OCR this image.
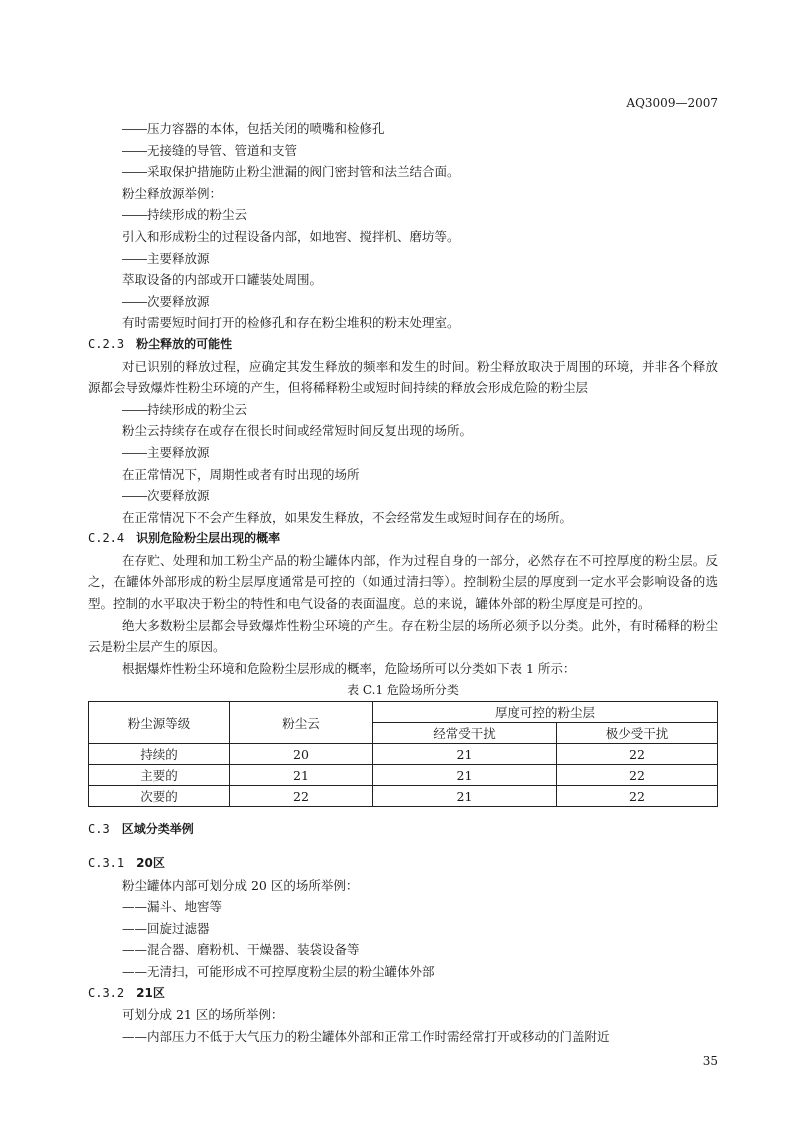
AQ3009—2007
――压力容器的本体，包括关闭的喷嘴和检修孔
――无接缝的导管、管道和支管
――采取保护措施防止粉尘泄漏的阀门密封管和法兰结合面。
粉尘释放源举例：
――持续形成的粉尘云
引入和形成粉尘的过程设备内部，如地窖、搅拌机、磨坊等。
――主要释放源
萃取设备的内部或开口罐装处周围。
――次要释放源
有时需要短时间打开的检修孔和存在粉尘堆积的粉末处理室。
C.2.3 粉尘释放的可能性
对已识别的释放过程，应确定其发生释放的频率和发生的时间。粉尘释放取决于周围的环境，并非各个释放源都会导致爆炸性粉尘环境的产生，但将稀释粉尘或短时间持续的释放会形成危险的粉尘层
――持续形成的粉尘云
粉尘云持续存在或存在很长时间或经常短时间反复出现的场所。
――主要释放源
在正常情况下，周期性或者有时出现的场所
――次要释放源
在正常情况下不会产生释放，如果发生释放，不会经常发生或短时间存在的场所。
C.2.4 识别危险粉尘层出现的概率
在存贮、处理和加工粉尘产品的粉尘罐体内部，作为过程自身的一部分，必然存在不可控厚度的粉尘层。反之，在罐体外部形成的粉尘层厚度通常是可控的（如通过清扫等）。控制粉尘层的厚度到一定水平会影响设备的选型。控制的水平取决于粉尘的特性和电气设备的表面温度。总的来说，罐体外部的粉尘厚度是可控的。
绝大多数粉尘层都会导致爆炸性粉尘环境的产生。存在粉尘层的场所必须予以分类。此外，有时稀释的粉尘云是粉尘层产生的原因。
根据爆炸性粉尘环境和危险粉尘层形成的概率，危险场所可以分类如下表 1 所示：
表 C.1 危险场所分类
粉尘源等级	粉尘云	厚度可控的粉尘层	
		经常受干扰	极少受干扰
持续的	20	21	22
主要的	21	21	22
次要的	22	21	22
C.3 区域分类举例
C.3.1 20区
粉尘罐体内部可划分成 20 区的场所举例：
——漏斗、地窖等
——回旋过滤器
——混合器、磨粉机、干燥器、装袋设备等
——无清扫，可能形成不可控厚度粉尘层的粉尘罐体外部
C.3.2 21区
可划分成 21 区的场所举例：
——内部压力不低于大气压力的粉尘罐体外部和正常工作时需经常打开或移动的门盖附近
35
